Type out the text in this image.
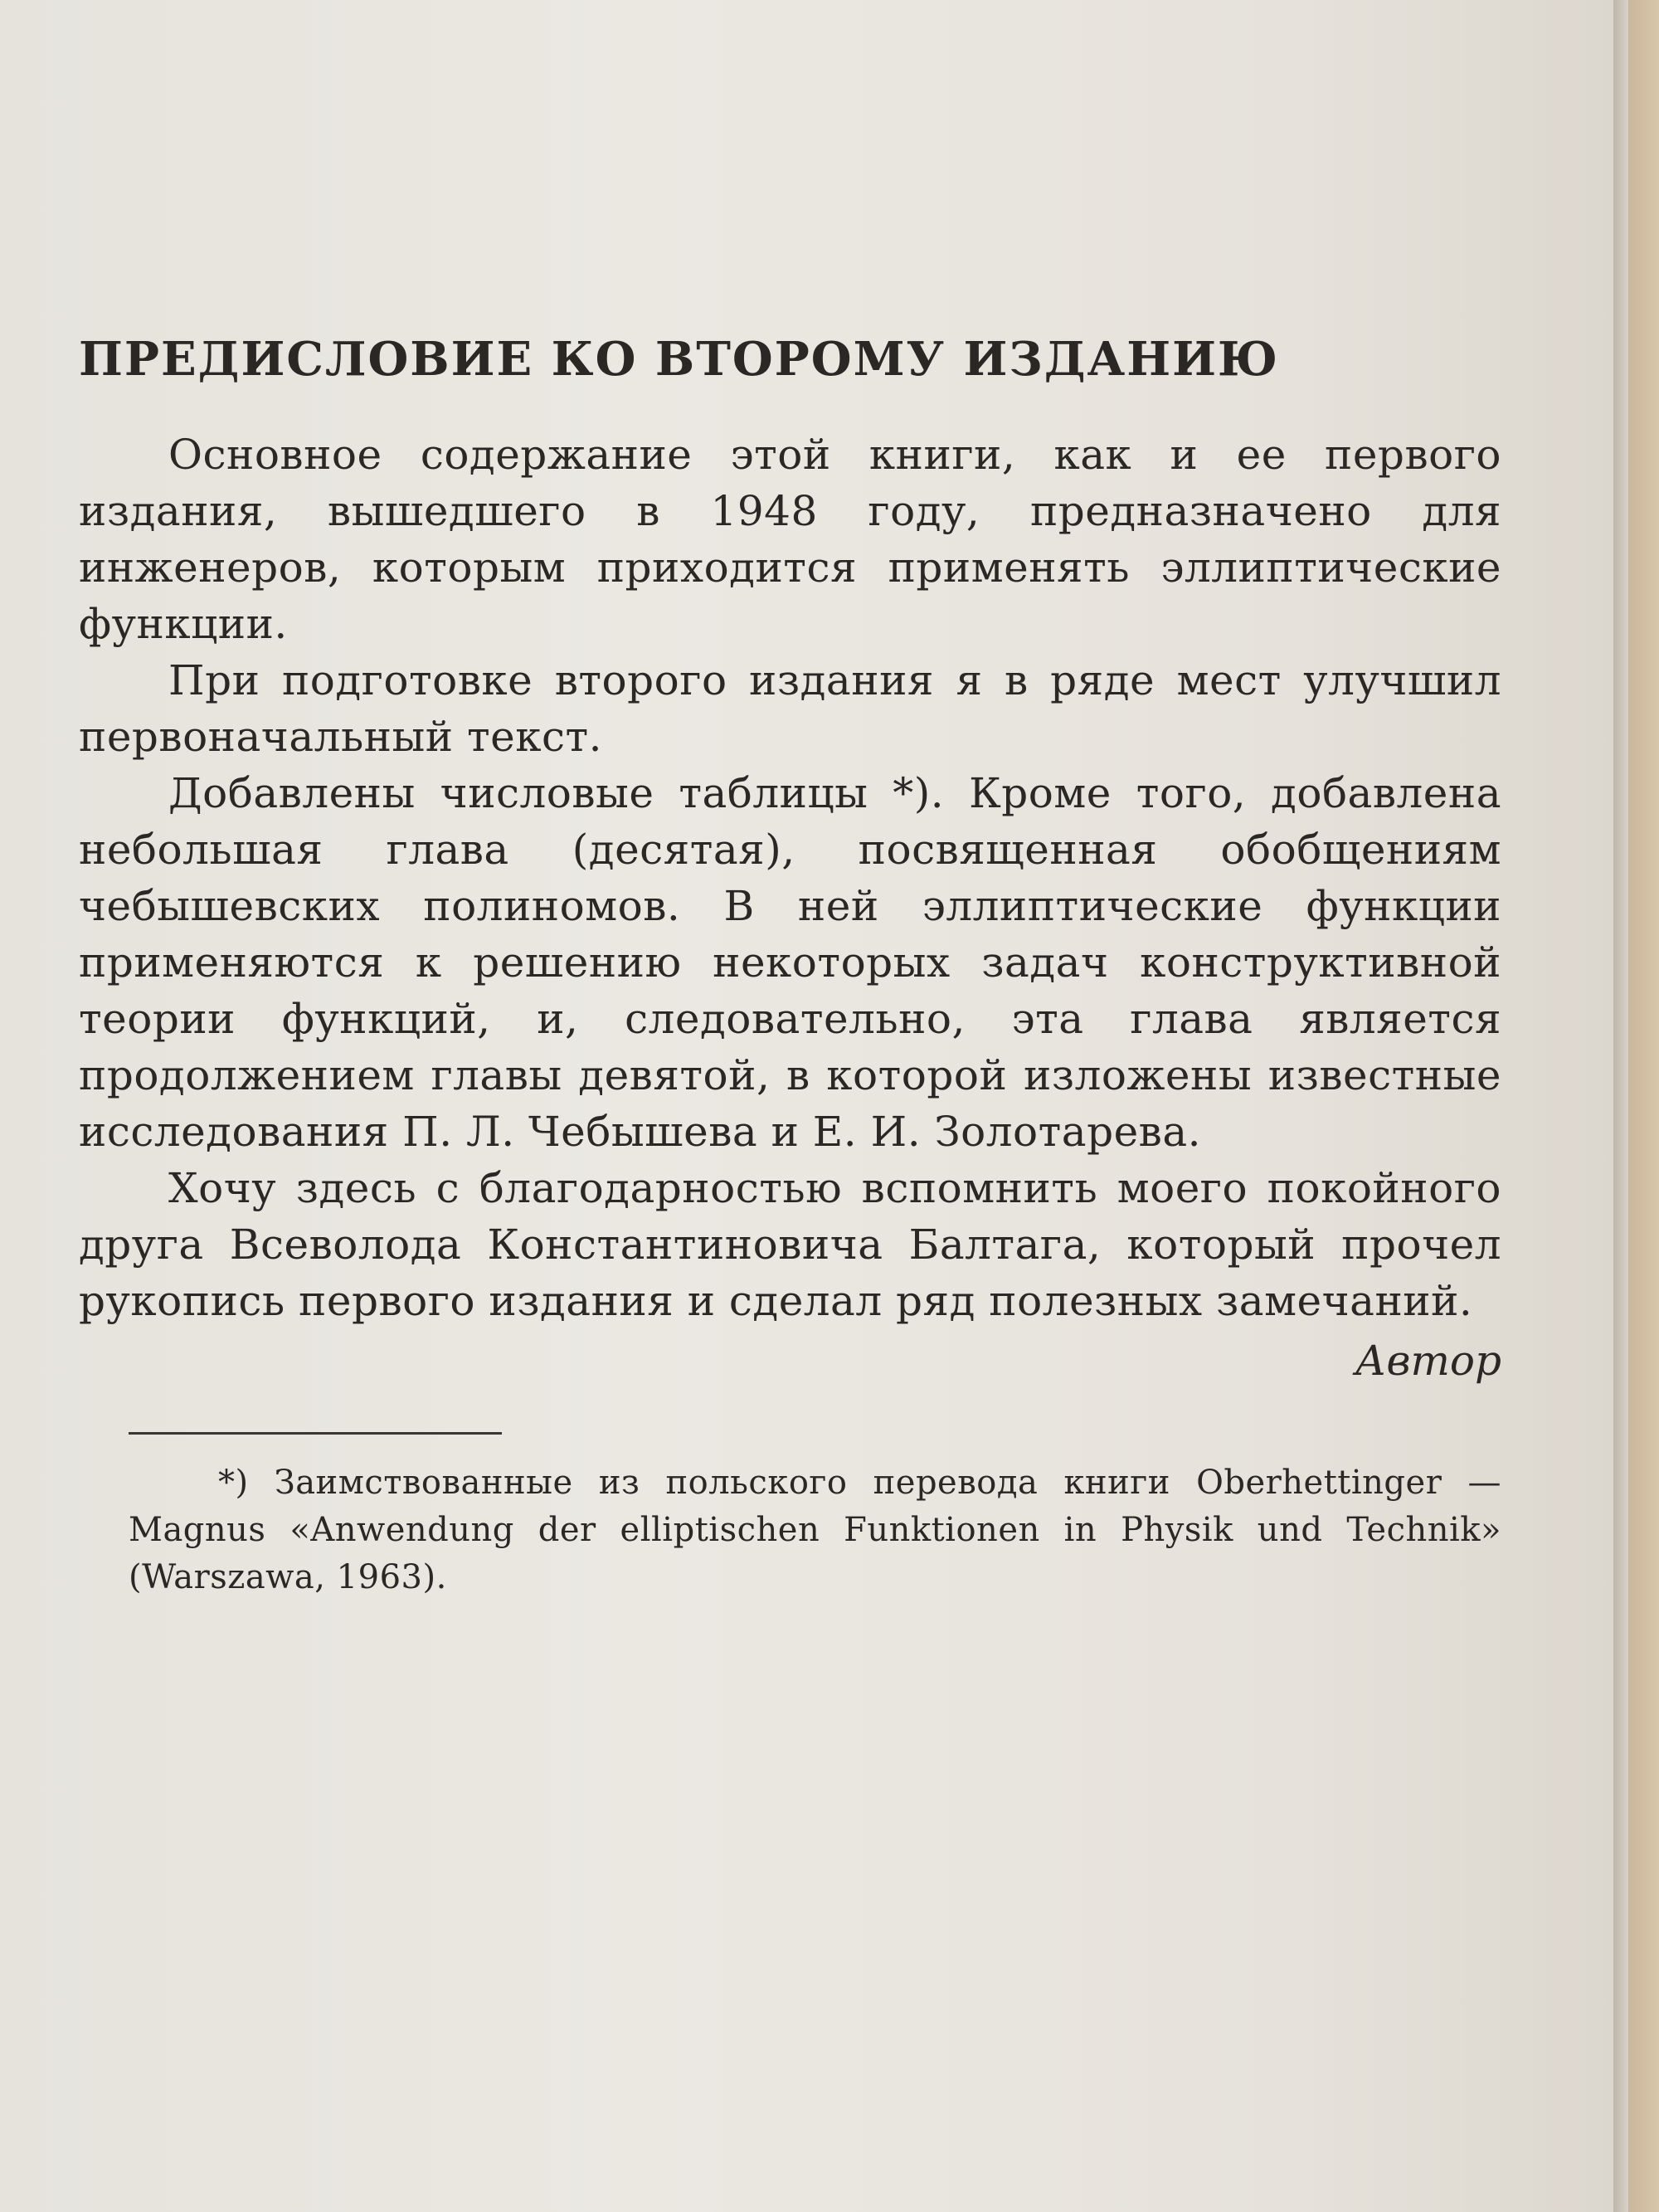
ПРЕДИСЛОВИЕ КО ВТОРОМУ ИЗДАНИЮ

Основное содержание этой книги, как и ее первого издания, вышедшего в 1948 году, предназначено для инженеров, которым приходится применять эллиптические функции.

При подготовке второго издания я в ряде мест улучшил первоначальный текст.

Добавлены числовые таблицы *). Кроме того, добавлена небольшая глава (десятая), посвященная обобщениям чебышевских полиномов. В ней эллиптические функции применяются к решению некоторых задач конструктивной теории функций, и, следовательно, эта глава является продолжением главы девятой, в которой изложены известные исследования П. Л. Чебышева и Е. И. Золотарева.

Хочу здесь с благодарностью вспомнить моего покойного друга Всеволода Константиновича Балтага, который прочел рукопись первого издания и сделал ряд полезных замечаний.

Автор

*) Заимствованные из польского перевода книги Oberhettinger — Magnus «Anwendung der elliptischen Funktionen in Physik und Technik» (Warszawa, 1963).
